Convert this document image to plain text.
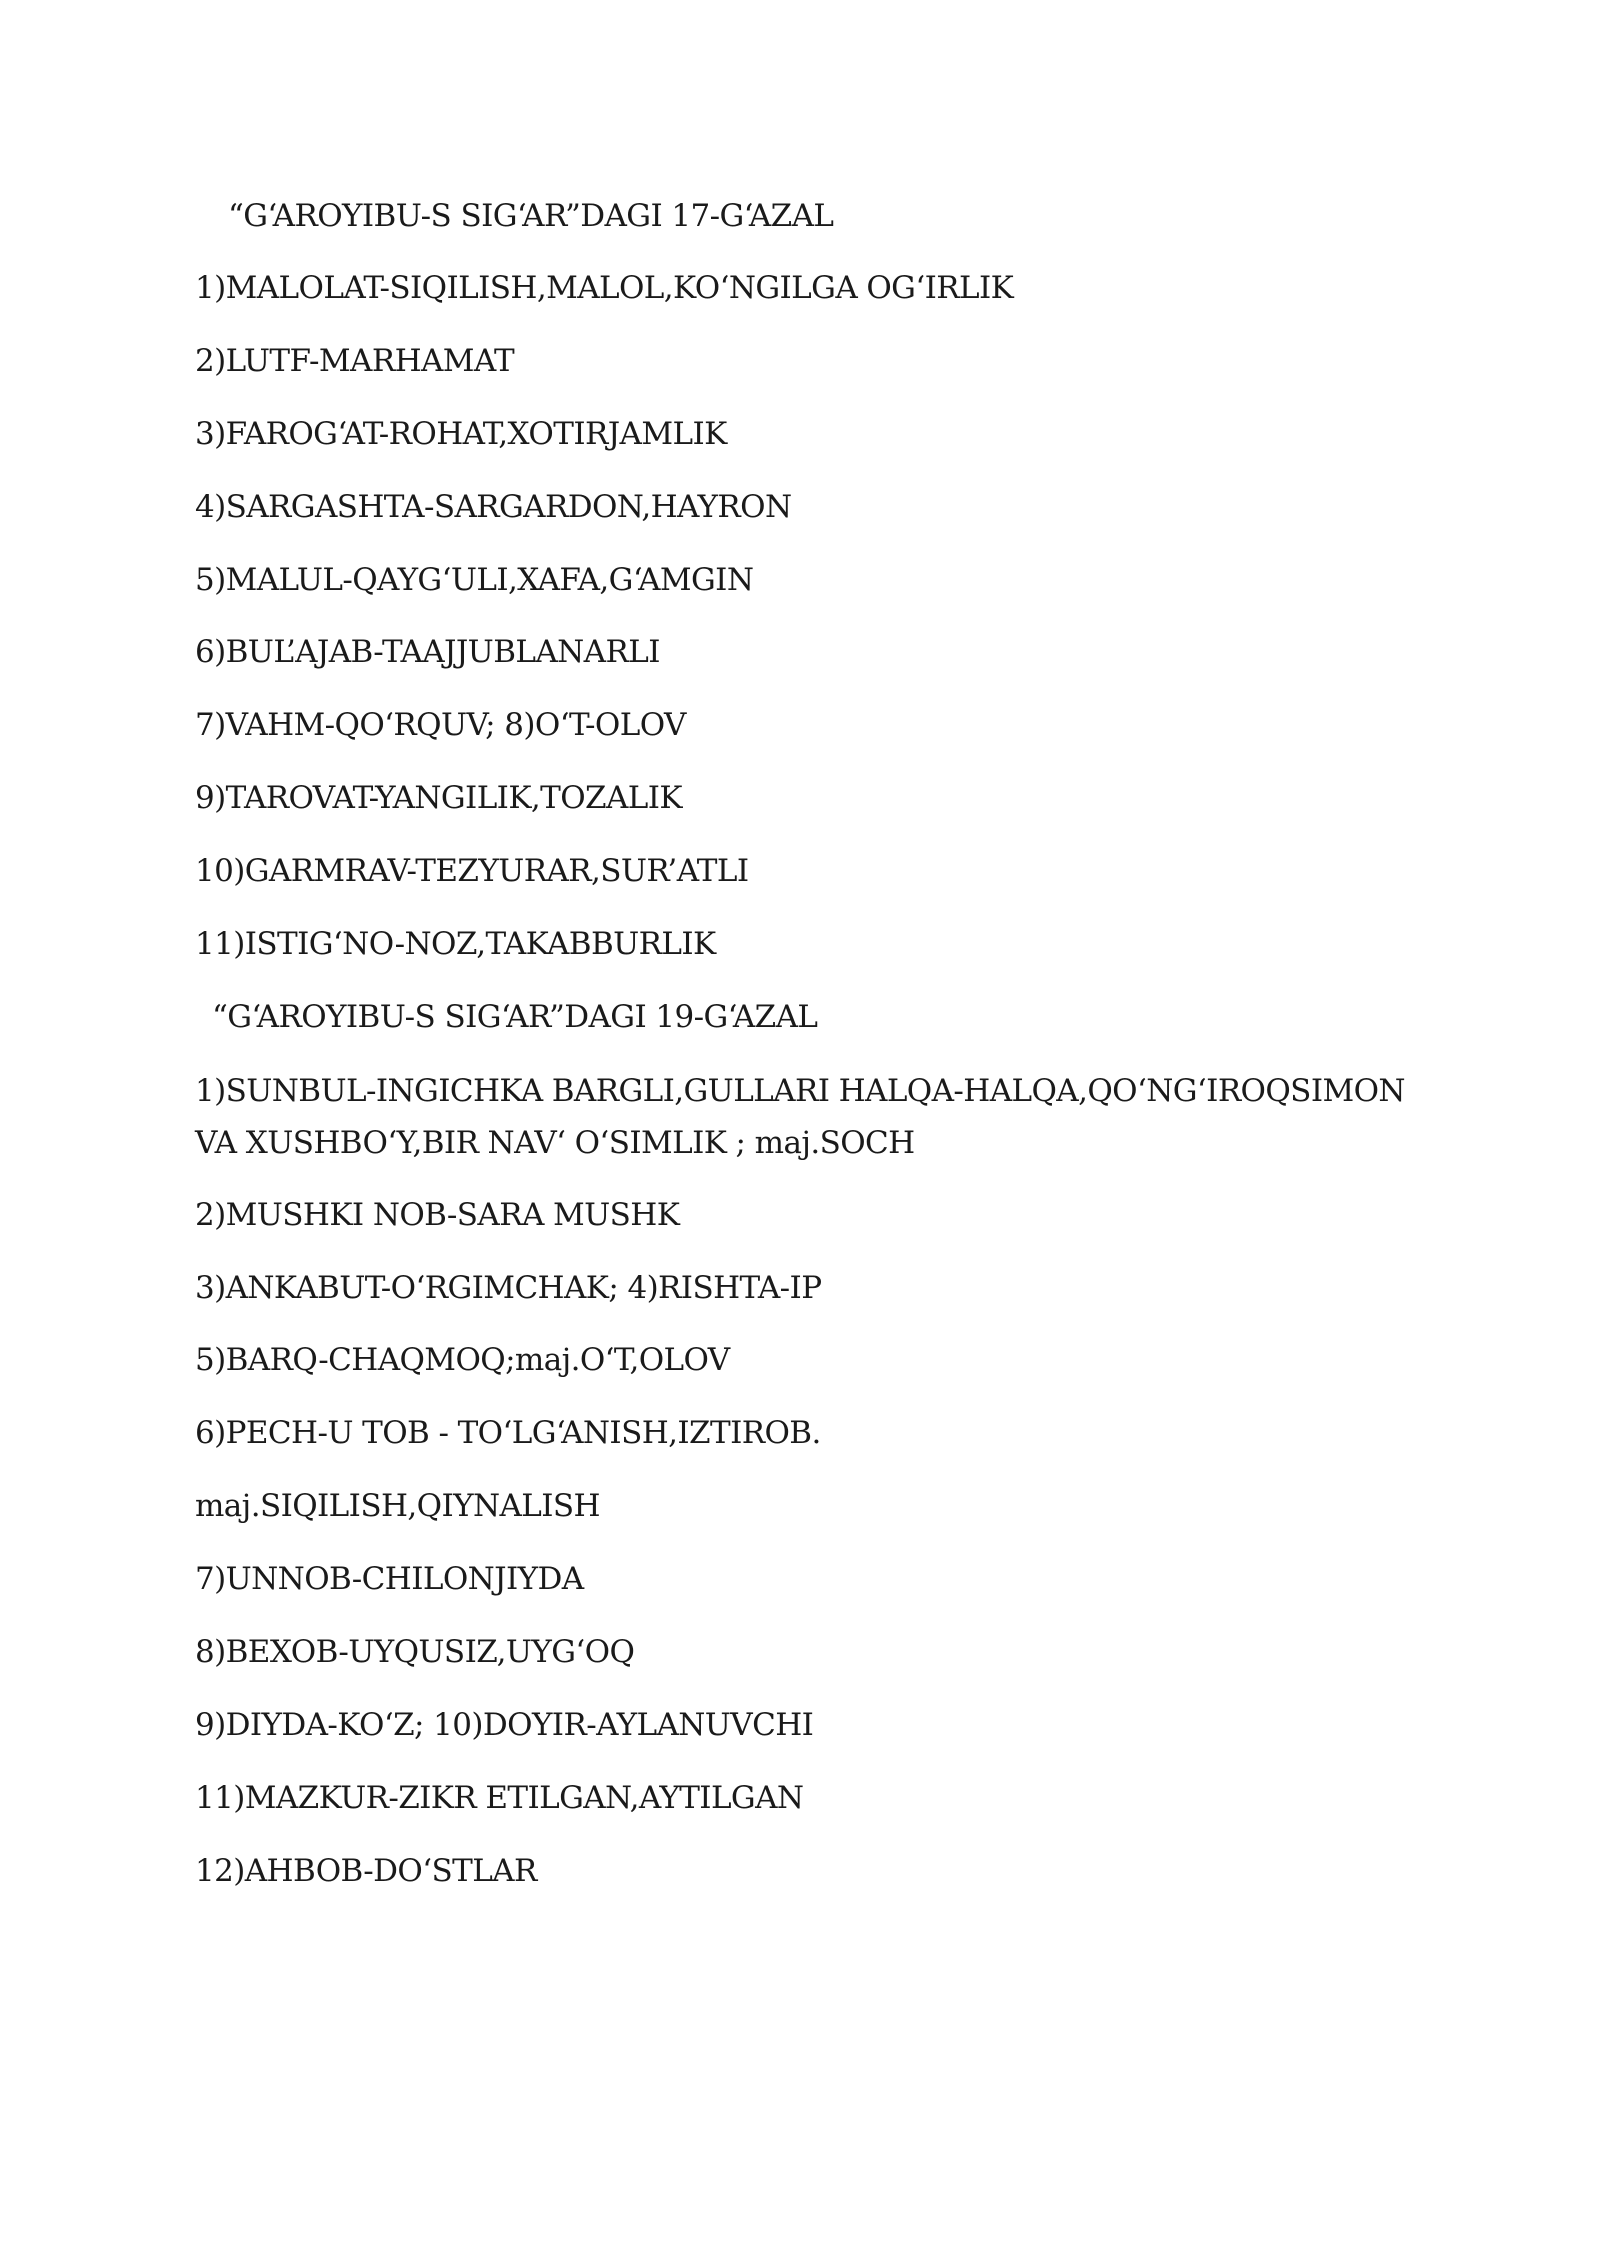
“G‘AROYIBU-S SIG‘AR”DAGI 17-G‘AZAL
1)MALOLAT-SIQILISH,MALOL,KO‘NGILGA OG‘IRLIK
2)LUTF-MARHAMAT
3)FAROG‘AT-ROHAT,XOTIRJAMLIK
4)SARGASHTA-SARGARDON,HAYRON
5)MALUL-QAYG‘ULI,XAFA,G‘AMGIN
6)BUL’AJAB-TAAJJUBLANARLI
7)VAHM-QO‘RQUV; 8)O‘T-OLOV
9)TAROVAT-YANGILIK,TOZALIK
10)GARMRAV-TEZYURAR,SUR’ATLI
11)ISTIG‘NO-NOZ,TAKABBURLIK
“G‘AROYIBU-S SIG‘AR”DAGI 19-G‘AZAL
1)SUNBUL-INGICHKA BARGLI,GULLARI HALQA-HALQA,QO‘NG‘IROQSIMON VA XUSHBO‘Y,BIR NAV‘ O‘SIMLIK ; maj.SOCH
2)MUSHKI NOB-SARA MUSHK
3)ANKABUT-O‘RGIMCHAK; 4)RISHTA-IP
5)BARQ-CHAQMOQ;maj.O‘T,OLOV
6)PECH-U TOB - TO‘LG‘ANISH,IZTIROB.
maj.SIQILISH,QIYNALISH
7)UNNOB-CHILONJIYDA
8)BEXOB-UYQUSIZ,UYG‘OQ
9)DIYDA-KO‘Z; 10)DOYIR-AYLANUVCHI
11)MAZKUR-ZIKR ETILGAN,AYTILGAN
12)AHBOB-DO‘STLAR
